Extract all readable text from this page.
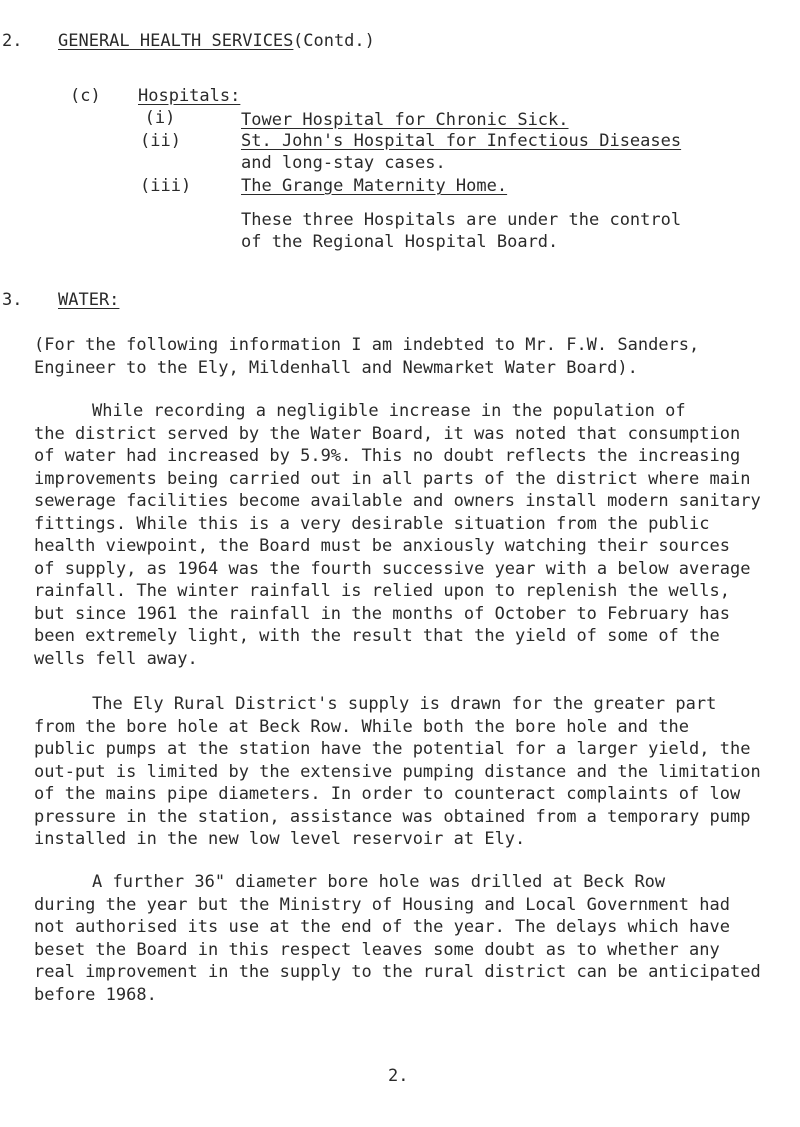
2. GENERAL HEALTH SERVICES (Contd.)
(c) Hospitals:
(i)	Tower Hospital for Chronic Sick.
(ii)	St. John's Hospital for Infectious Diseases
and long-stay cases.
(iii)	The Grange Maternity Home.
These three Hospitals are under the control
of the Regional Hospital Board.
3. WATER:
(For the following information I am indebted to Mr. F.W. Sanders,
Engineer to the Ely, Mildenhall and Newmarket Water Board).
While recording a negligible increase in the population of
the district served by the Water Board, it was noted that consumption
of water had increased by 5.9%. This no doubt reflects the increasing
improvements being carried out in all parts of the district where main
sewerage facilities become available and owners install modern sanitary
fittings. While this is a very desirable situation from the public
health viewpoint, the Board must be anxiously watching their sources
of supply, as 1964 was the fourth successive year with a below average
rainfall. The winter rainfall is relied upon to replenish the wells,
but since 1961 the rainfall in the months of October to February has
been extremely light, with the result that the yield of some of the
wells fell away.
The Ely Rural District's supply is drawn for the greater part
from the bore hole at Beck Row. While both the bore hole and the
public pumps at the station have the potential for a larger yield, the
out-put is limited by the extensive pumping distance and the limitation
of the mains pipe diameters. In order to counteract complaints of low
pressure in the station, assistance was obtained from a temporary pump
installed in the new low level reservoir at Ely.
A further 36" diameter bore hole was drilled at Beck Row
during the year but the Ministry of Housing and Local Government had
not authorised its use at the end of the year. The delays which have
beset the Board in this respect leaves some doubt as to whether any
real improvement in the supply to the rural district can be anticipated
before 1968.
2.
